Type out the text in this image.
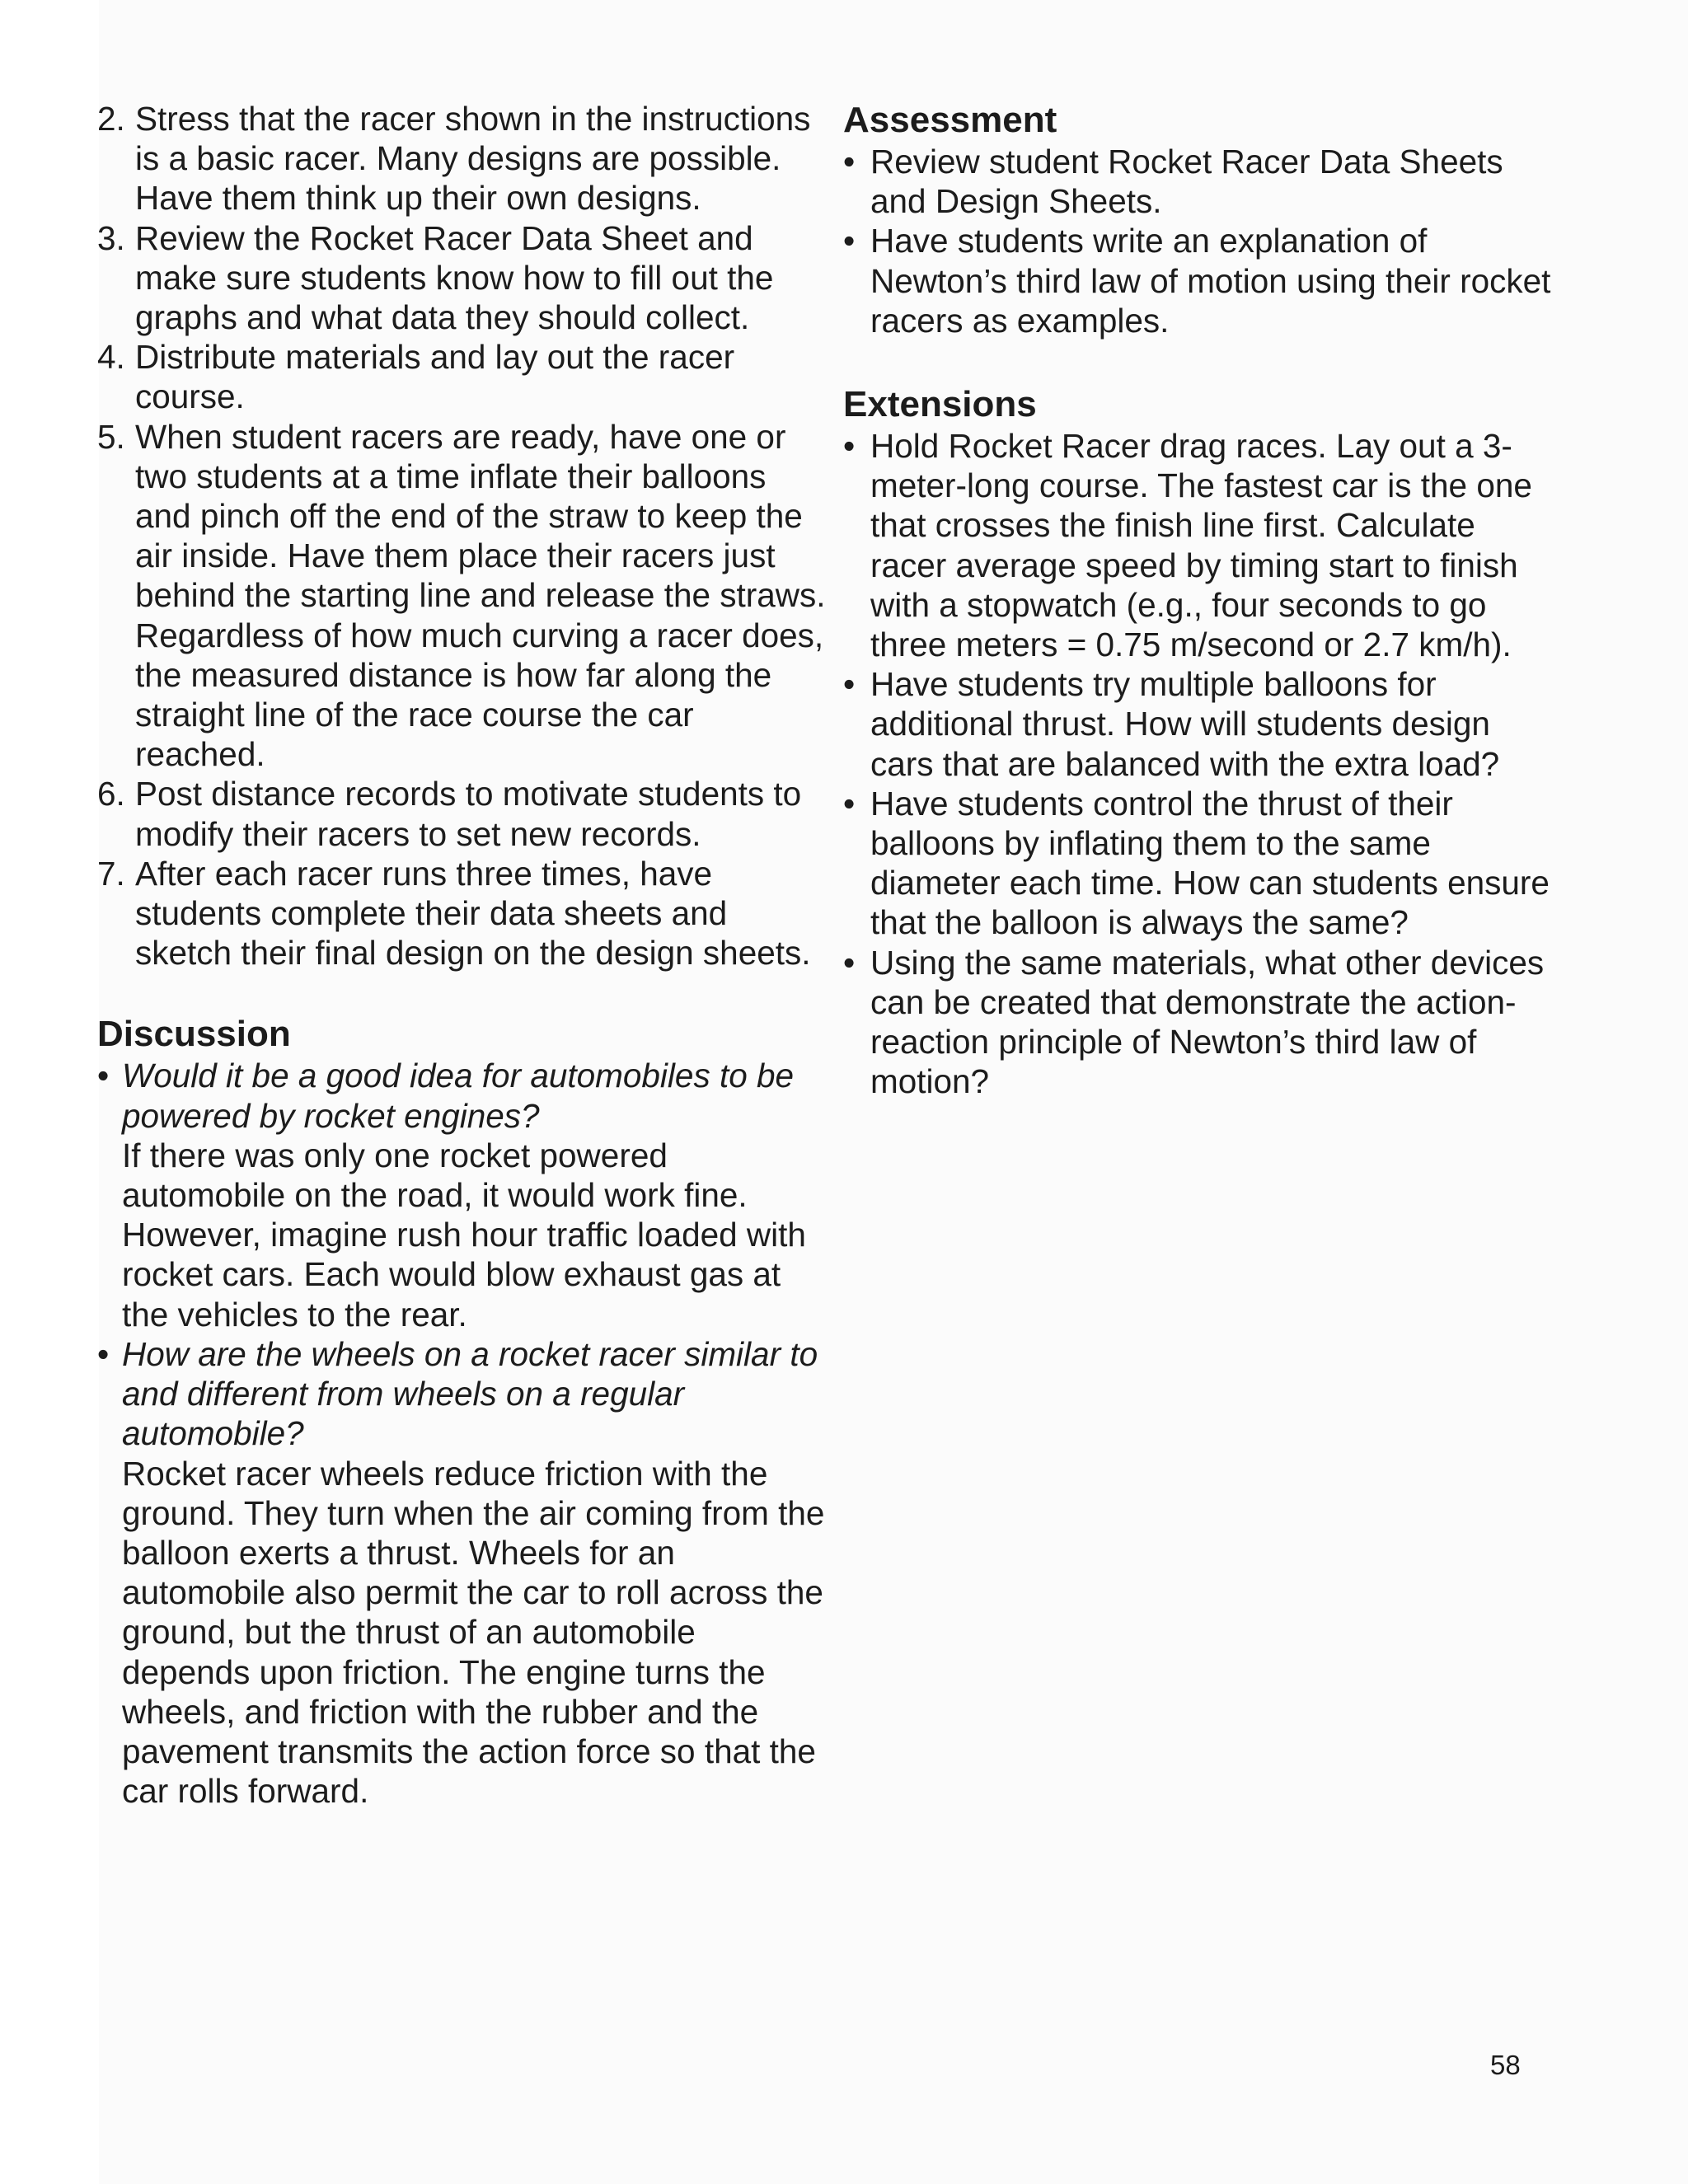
2. Stress that the racer shown in the instructions is a basic racer. Many designs are possible. Have them think up their own designs.
3. Review the Rocket Racer Data Sheet and make sure students know how to fill out the graphs and what data they should collect.
4. Distribute materials and lay out the racer course.
5. When student racers are ready, have one or two students at a time inflate their balloons and pinch off the end of the straw to keep the air inside. Have them place their racers just behind the starting line and release the straws. Regardless of how much curving a racer does, the measured distance is how far along the straight line of the race course the car reached.
6. Post distance records to motivate students to modify their racers to set new records.
7. After each racer runs three times, have students complete their data sheets and sketch their final design on the design sheets.
Discussion
• Would it be a good idea for automobiles to be powered by rocket engines?
If there was only one rocket powered automobile on the road, it would work fine. However, imagine rush hour traffic loaded with rocket cars. Each would blow exhaust gas at the vehicles to the rear.
• How are the wheels on a rocket racer similar to and different from wheels on a regular automobile?
Rocket racer wheels reduce friction with the ground. They turn when the air coming from the balloon exerts a thrust. Wheels for an automobile also permit the car to roll across the ground, but the thrust of an automobile depends upon friction. The engine turns the wheels, and friction with the rubber and the pavement transmits the action force so that the car rolls forward.
Assessment
• Review student Rocket Racer Data Sheets and Design Sheets.
• Have students write an explanation of Newton’s third law of motion using their rocket racers as examples.
Extensions
• Hold Rocket Racer drag races. Lay out a 3-meter-long course. The fastest car is the one that crosses the finish line first. Calculate racer average speed by timing start to finish with a stopwatch (e.g., four seconds to go three meters = 0.75 m/second or 2.7 km/h).
• Have students try multiple balloons for additional thrust. How will students design cars that are balanced with the extra load?
• Have students control the thrust of their balloons by inflating them to the same diameter each time. How can students ensure that the balloon is always the same?
• Using the same materials, what other devices can be created that demonstrate the action-reaction principle of Newton’s third law of motion?
58
